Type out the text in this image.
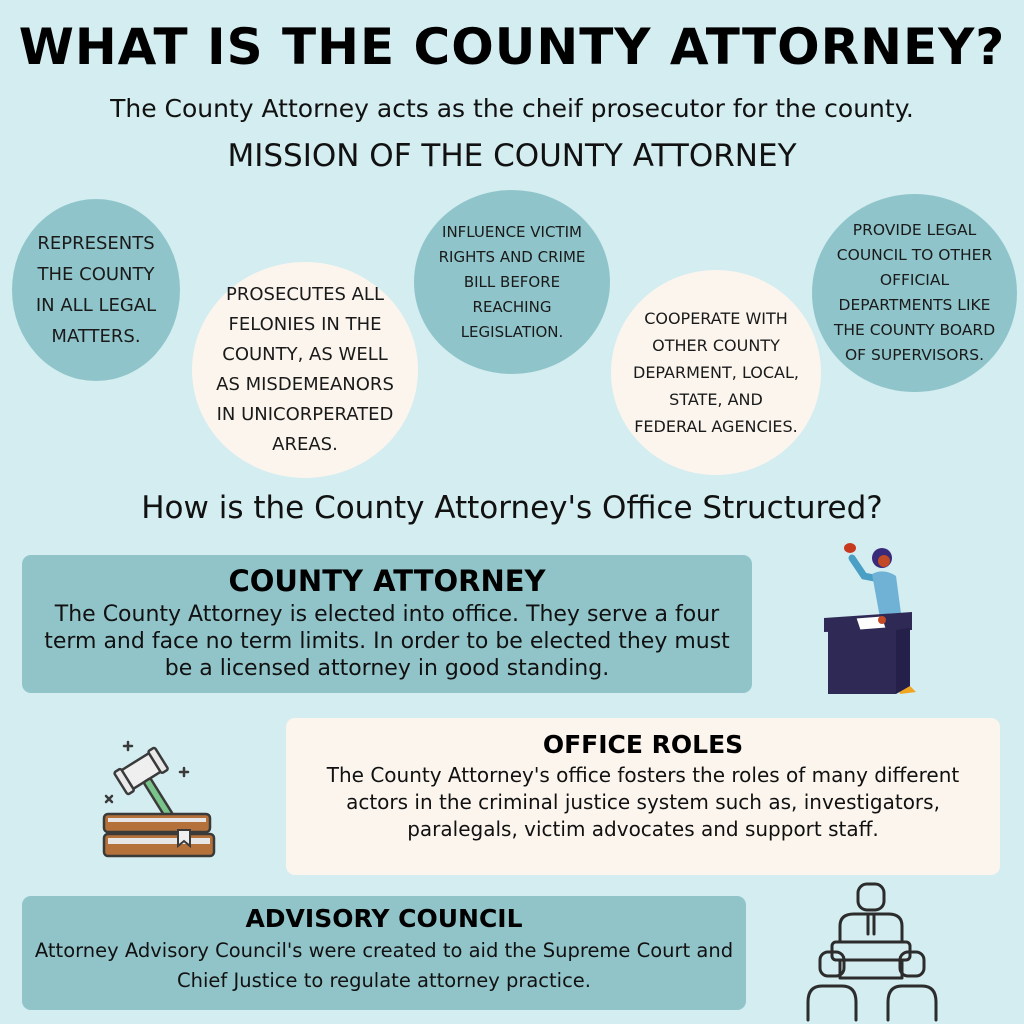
WHAT IS THE COUNTY ATTORNEY?
The County Attorney acts as the cheif prosecutor for the county.
MISSION OF THE COUNTY ATTORNEY
REPRESENTS THE COUNTY IN ALL LEGAL MATTERS.
PROSECUTES ALL FELONIES IN THE COUNTY, AS WELL AS MISDEMEANORS IN UNICORPERATED AREAS.
INFLUENCE VICTIM RIGHTS AND CRIME BILL BEFORE REACHING LEGISLATION.
COOPERATE WITH OTHER COUNTY DEPARMENT, LOCAL, STATE, AND FEDERAL AGENCIES.
PROVIDE LEGAL COUNCIL TO OTHER OFFICIAL DEPARTMENTS LIKE THE COUNTY BOARD OF SUPERVISORS.
How is the County Attorney's Office Structured?
COUNTY ATTORNEY

The County Attorney is elected into office. They serve a four term and face no term limits. In order to be elected they must be a licensed attorney in good standing.

OFFICE ROLES

The County Attorney's office fosters the roles of many different actors in the criminal justice system such as, investigators, paralegals, victim advocates and support staff.

ADVISORY COUNCIL

Attorney Advisory Council's were created to aid the Supreme Court and Chief Justice to regulate attorney practice.
